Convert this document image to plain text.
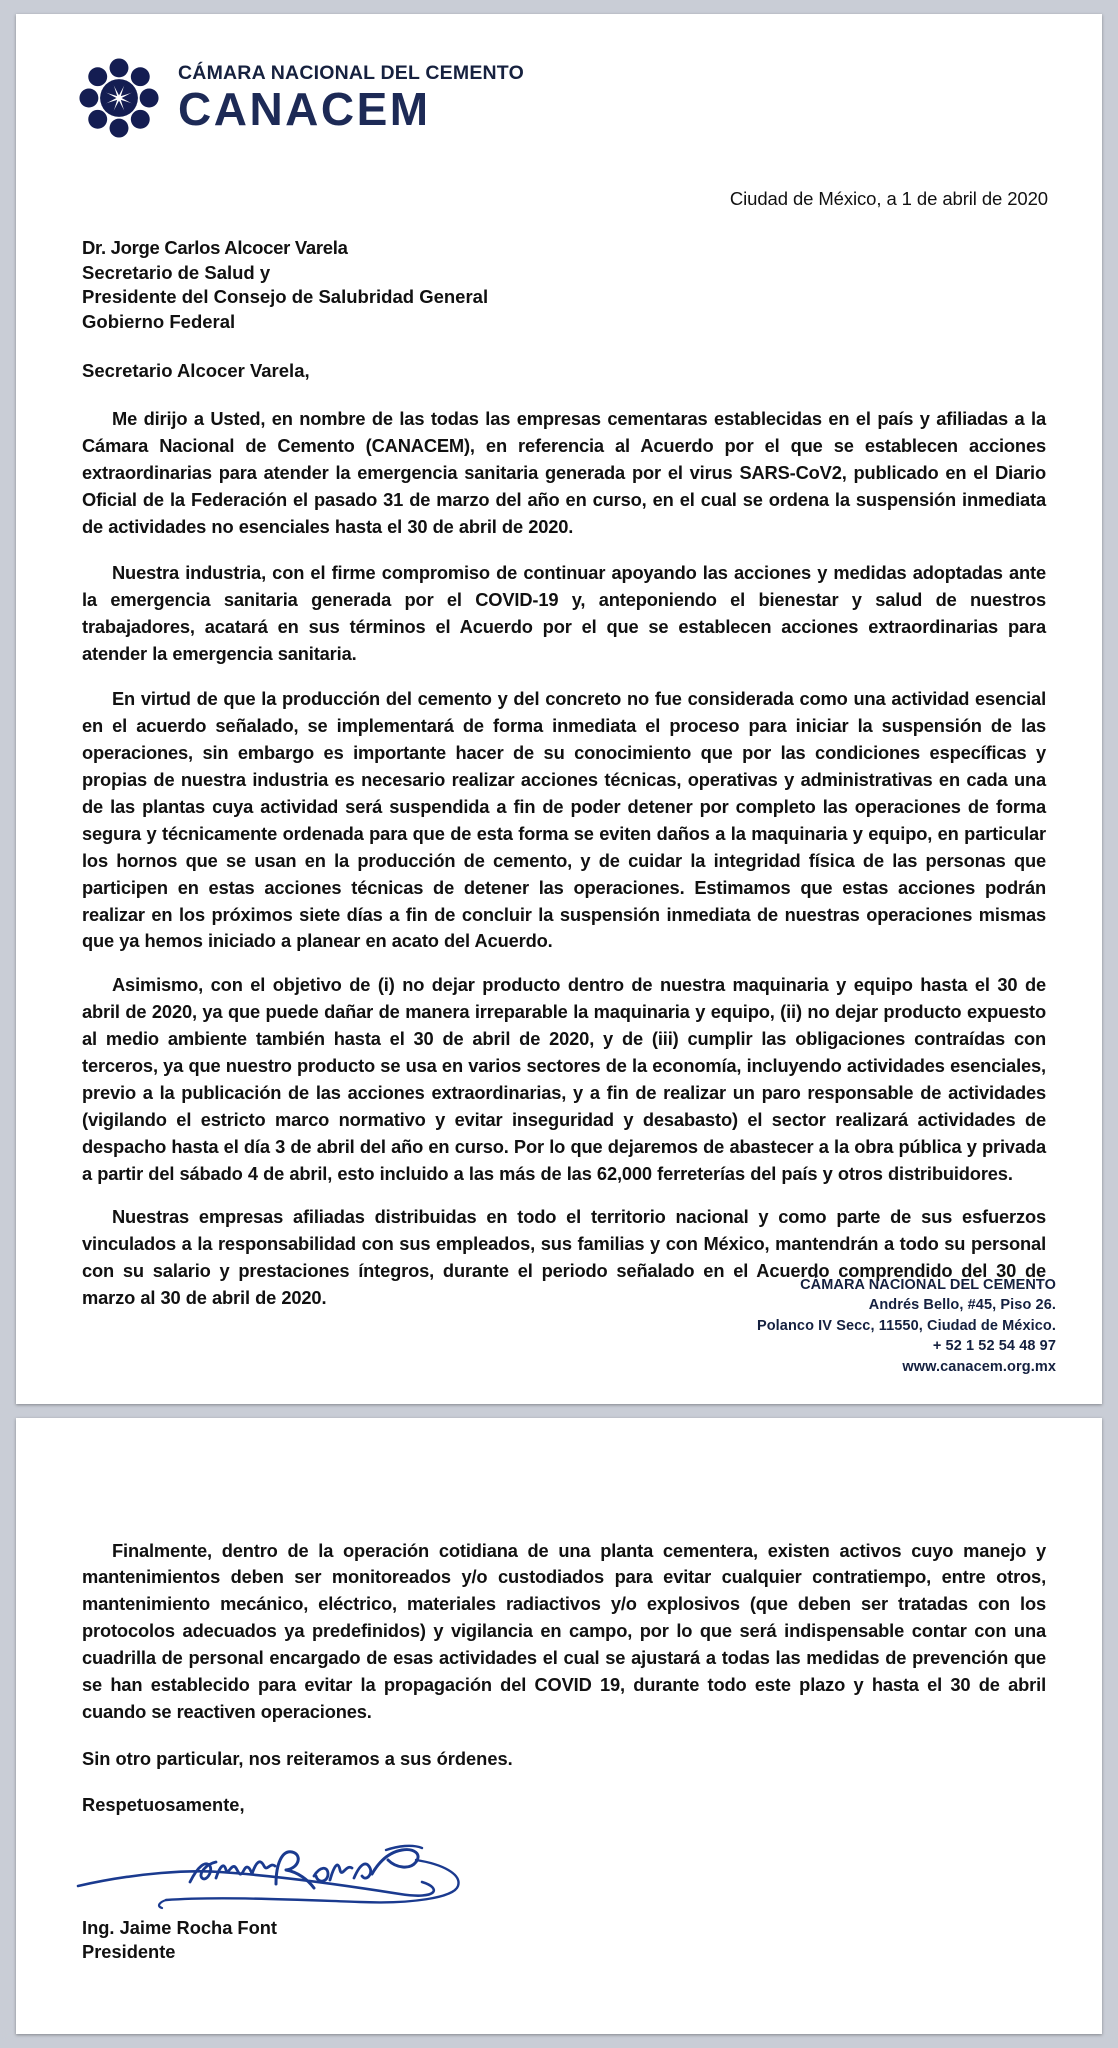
CÁMARA NACIONAL DEL CEMENTO
CANACEM
Ciudad de México, a 1 de abril de 2020
Dr. Jorge Carlos Alcocer Varela
Secretario de Salud y
Presidente del Consejo de Salubridad General
Gobierno Federal
Secretario Alcocer Varela,

Me dirijo a Usted, en nombre de las todas las empresas cementaras establecidas en el país y afiliadas a la Cámara Nacional de Cemento (CANACEM), en referencia al Acuerdo por el que se establecen acciones extraordinarias para atender la emergencia sanitaria generada por el virus SARS-CoV2, publicado en el Diario Oficial de la Federación el pasado 31 de marzo del año en curso, en el cual se ordena la suspensión inmediata de actividades no esenciales hasta el 30 de abril de 2020.

Nuestra industria, con el firme compromiso de continuar apoyando las acciones y medidas adoptadas ante la emergencia sanitaria generada por el COVID-19 y, anteponiendo el bienestar y salud de nuestros trabajadores, acatará en sus términos el Acuerdo por el que se establecen acciones extraordinarias para atender la emergencia sanitaria.

En virtud de que la producción del cemento y del concreto no fue considerada como una actividad esencial en el acuerdo señalado, se implementará de forma inmediata el proceso para iniciar la suspensión de las operaciones, sin embargo es importante hacer de su conocimiento que por las condiciones específicas y propias de nuestra industria es necesario realizar acciones técnicas, operativas y administrativas en cada una de las plantas cuya actividad será suspendida a fin de poder detener por completo las operaciones de forma segura y técnicamente ordenada para que de esta forma se eviten daños a la maquinaria y equipo, en particular los hornos que se usan en la producción de cemento, y de cuidar la integridad física de las personas que participen en estas acciones técnicas de detener las operaciones. Estimamos que estas acciones podrán realizar en los próximos siete días a fin de concluir la suspensión inmediata de nuestras operaciones mismas que ya hemos iniciado a planear en acato del Acuerdo.

Asimismo, con el objetivo de (i) no dejar producto dentro de nuestra maquinaria y equipo hasta el 30 de abril de 2020, ya que puede dañar de manera irreparable la maquinaria y equipo, (ii) no dejar producto expuesto al medio ambiente también hasta el 30 de abril de 2020, y de (iii) cumplir las obligaciones contraídas con terceros, ya que nuestro producto se usa en varios sectores de la economía, incluyendo actividades esenciales, previo a la publicación de las acciones extraordinarias, y a fin de realizar un paro responsable de actividades (vigilando el estricto marco normativo y evitar inseguridad y desabasto) el sector realizará actividades de despacho hasta el día 3 de abril del año en curso. Por lo que dejaremos de abastecer a la obra pública y privada a partir del sábado 4 de abril, esto incluido a las más de las 62,000 ferreterías del país y otros distribuidores.

Nuestras empresas afiliadas distribuidas en todo el territorio nacional y como parte de sus esfuerzos vinculados a la responsabilidad con sus empleados, sus familias y con México, mantendrán a todo su personal con su salario y prestaciones íntegros, durante el periodo señalado en el Acuerdo comprendido del 30 de marzo al 30 de abril de 2020.

CÁMARA NACIONAL DEL CEMENTO
Andrés Bello, #45, Piso 26.
Polanco IV Secc, 11550, Ciudad de México.
+ 52 1 52 54 48 97
www.canacem.org.mx

Finalmente, dentro de la operación cotidiana de una planta cementera, existen activos cuyo manejo y mantenimientos deben ser monitoreados y/o custodiados para evitar cualquier contratiempo, entre otros, mantenimiento mecánico, eléctrico, materiales radiactivos y/o explosivos (que deben ser tratadas con los protocolos adecuados ya predefinidos) y vigilancia en campo, por lo que será indispensable contar con una cuadrilla de personal encargado de esas actividades el cual se ajustará a todas las medidas de prevención que se han establecido para evitar la propagación del COVID 19, durante todo este plazo y hasta el 30 de abril cuando se reactiven operaciones.

Sin otro particular, nos reiteramos a sus órdenes.
Respetuosamente,
Ing. Jaime Rocha Font
Presidente
